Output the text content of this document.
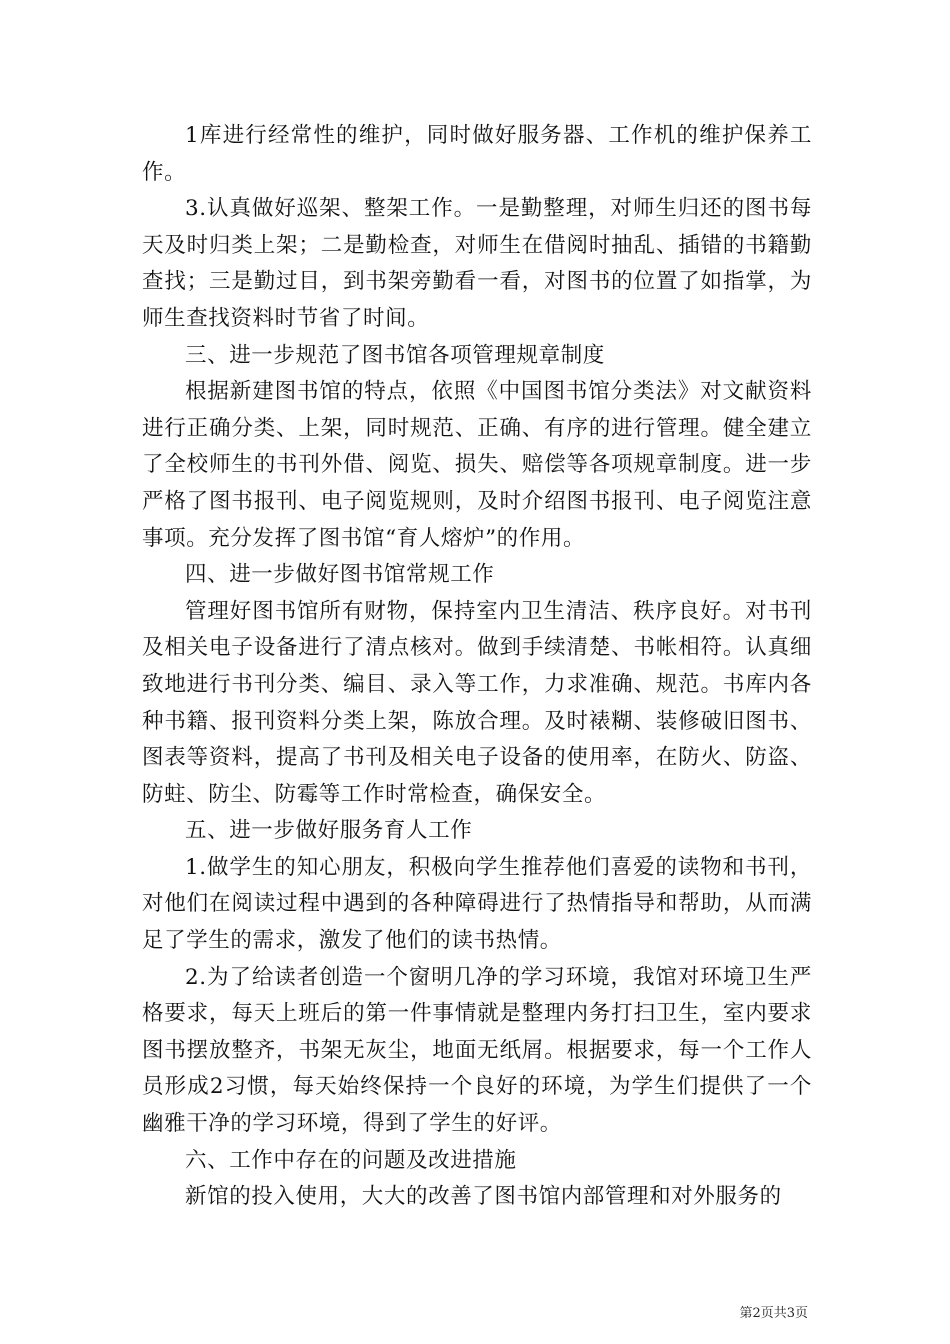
1库进行经常性的维护，同时做好服务器、工作机的维护保养工作。

3.认真做好巡架、整架工作。一是勤整理，对师生归还的图书每天及时归类上架；二是勤检查，对师生在借阅时抽乱、插错的书籍勤查找；三是勤过目，到书架旁勤看一看，对图书的位置了如指掌，为师生查找资料时节省了时间。

三、进一步规范了图书馆各项管理规章制度

根据新建图书馆的特点，依照《中国图书馆分类法》对文献资料进行正确分类、上架，同时规范、正确、有序的进行管理。健全建立了全校师生的书刊外借、阅览、损失、赔偿等各项规章制度。进一步严格了图书报刊、电子阅览规则，及时介绍图书报刊、电子阅览注意事项。充分发挥了图书馆“育人熔炉”的作用。

四、进一步做好图书馆常规工作

管理好图书馆所有财物，保持室内卫生清洁、秩序良好。对书刊及相关电子设备进行了清点核对。做到手续清楚、书帐相符。认真细致地进行书刊分类、编目、录入等工作，力求准确、规范。书库内各种书籍、报刊资料分类上架，陈放合理。及时裱糊、装修破旧图书、图表等资料，提高了书刊及相关电子设备的使用率，在防火、防盗、防蛀、防尘、防霉等工作时常检查，确保安全。

五、进一步做好服务育人工作

1.做学生的知心朋友，积极向学生推荐他们喜爱的读物和书刊，对他们在阅读过程中遇到的各种障碍进行了热情指导和帮助，从而满足了学生的需求，激发了他们的读书热情。

2.为了给读者创造一个窗明几净的学习环境，我馆对环境卫生严格要求，每天上班后的第一件事情就是整理内务打扫卫生，室内要求图书摆放整齐，书架无灰尘，地面无纸屑。根据要求，每一个工作人员形成2习惯，每天始终保持一个良好的环境，为学生们提供了一个幽雅干净的学习环境，得到了学生的好评。

六、工作中存在的问题及改进措施

新馆的投入使用，大大的改善了图书馆内部管理和对外服务的

第2页共3页
